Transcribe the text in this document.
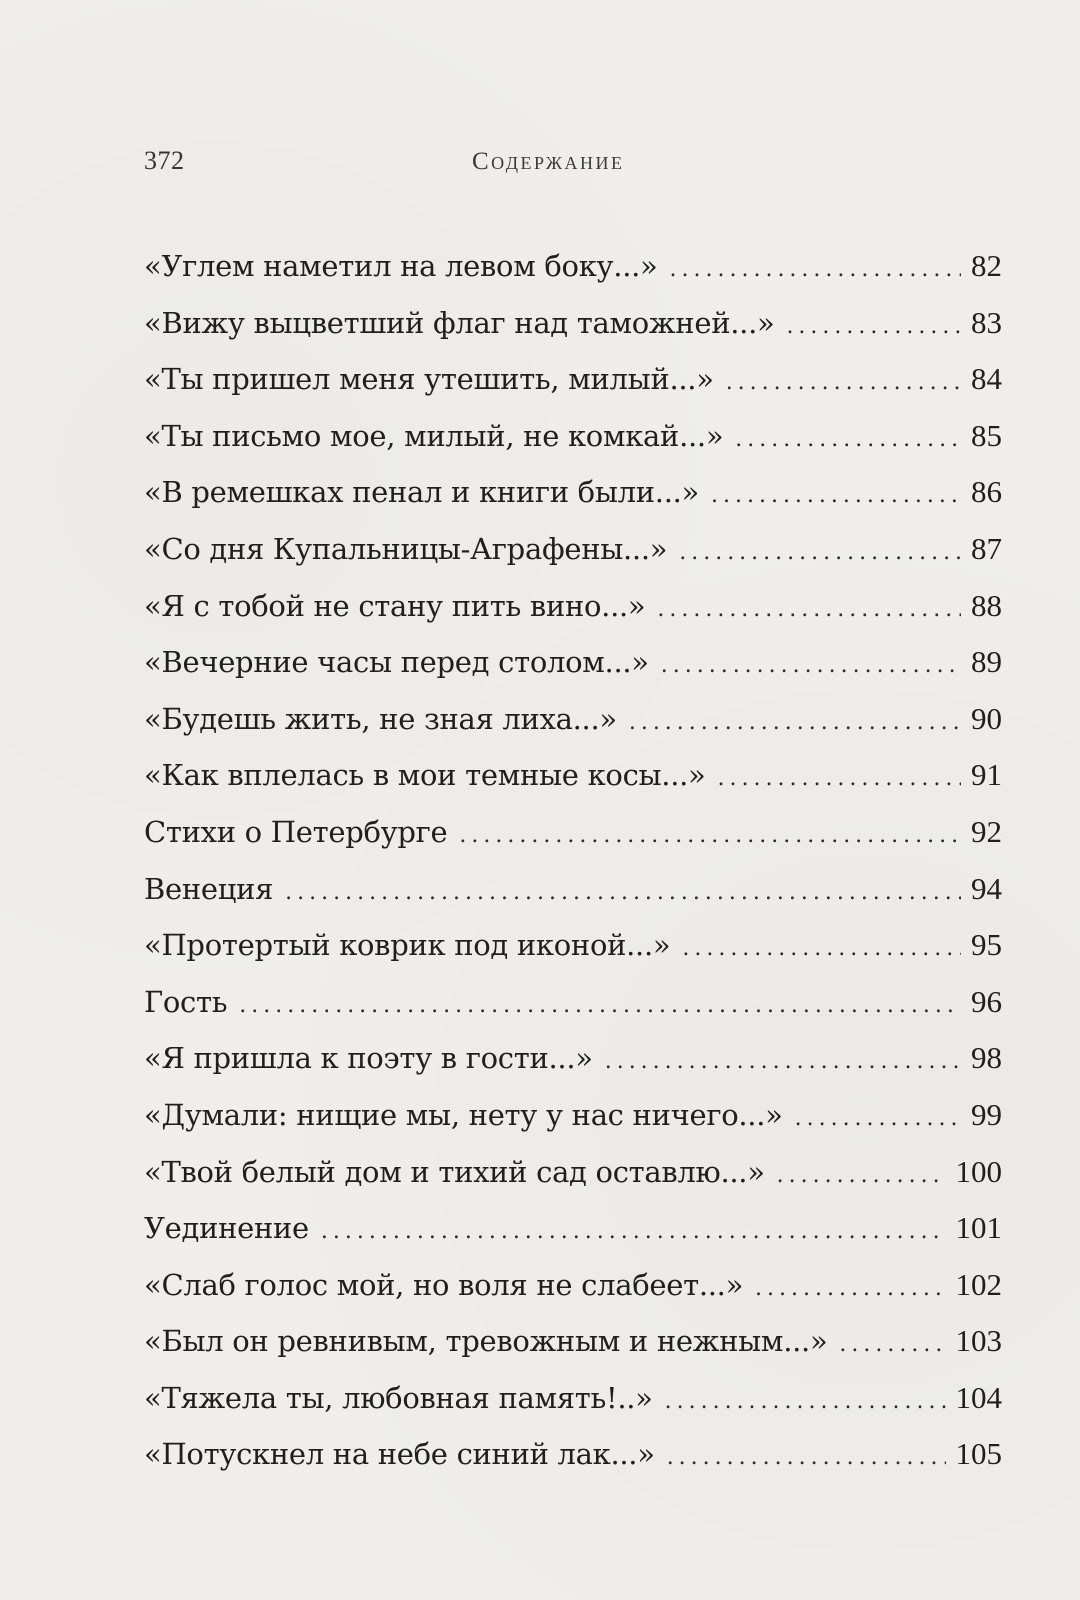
372	Содержание
«Углем наметил на левом боку...» .....	82
«Вижу выцветший флаг над таможней...» .....	83
«Ты пришел меня утешить, милый...» .....	84
«Ты письмо мое, милый, не комкай...» .....	85
«В ремешках пенал и книги были...» .....	86
«Со дня Купальницы-Аграфены...» .....	87
«Я с тобой не стану пить вино...» .....	88
«Вечерние часы перед столом...» .....	89
«Будешь жить, не зная лиха...» .....	90
«Как вплелась в мои темные косы...» .....	91
Стихи о Петербурге .....	92
Венеция .....	94
«Протертый коврик под иконой...» .....	95
Гость .....	96
«Я пришла к поэту в гости...» .....	98
«Думали: нищие мы, нету у нас ничего...» .....	99
«Твой белый дом и тихий сад оставлю...» .....	100
Уединение .....	101
«Слаб голос мой, но воля не слабеет...» .....	102
«Был он ревнивым, тревожным и нежным...» .....	103
«Тяжела ты, любовная память!..» .....	104
«Потускнел на небе синий лак...» .....	105
